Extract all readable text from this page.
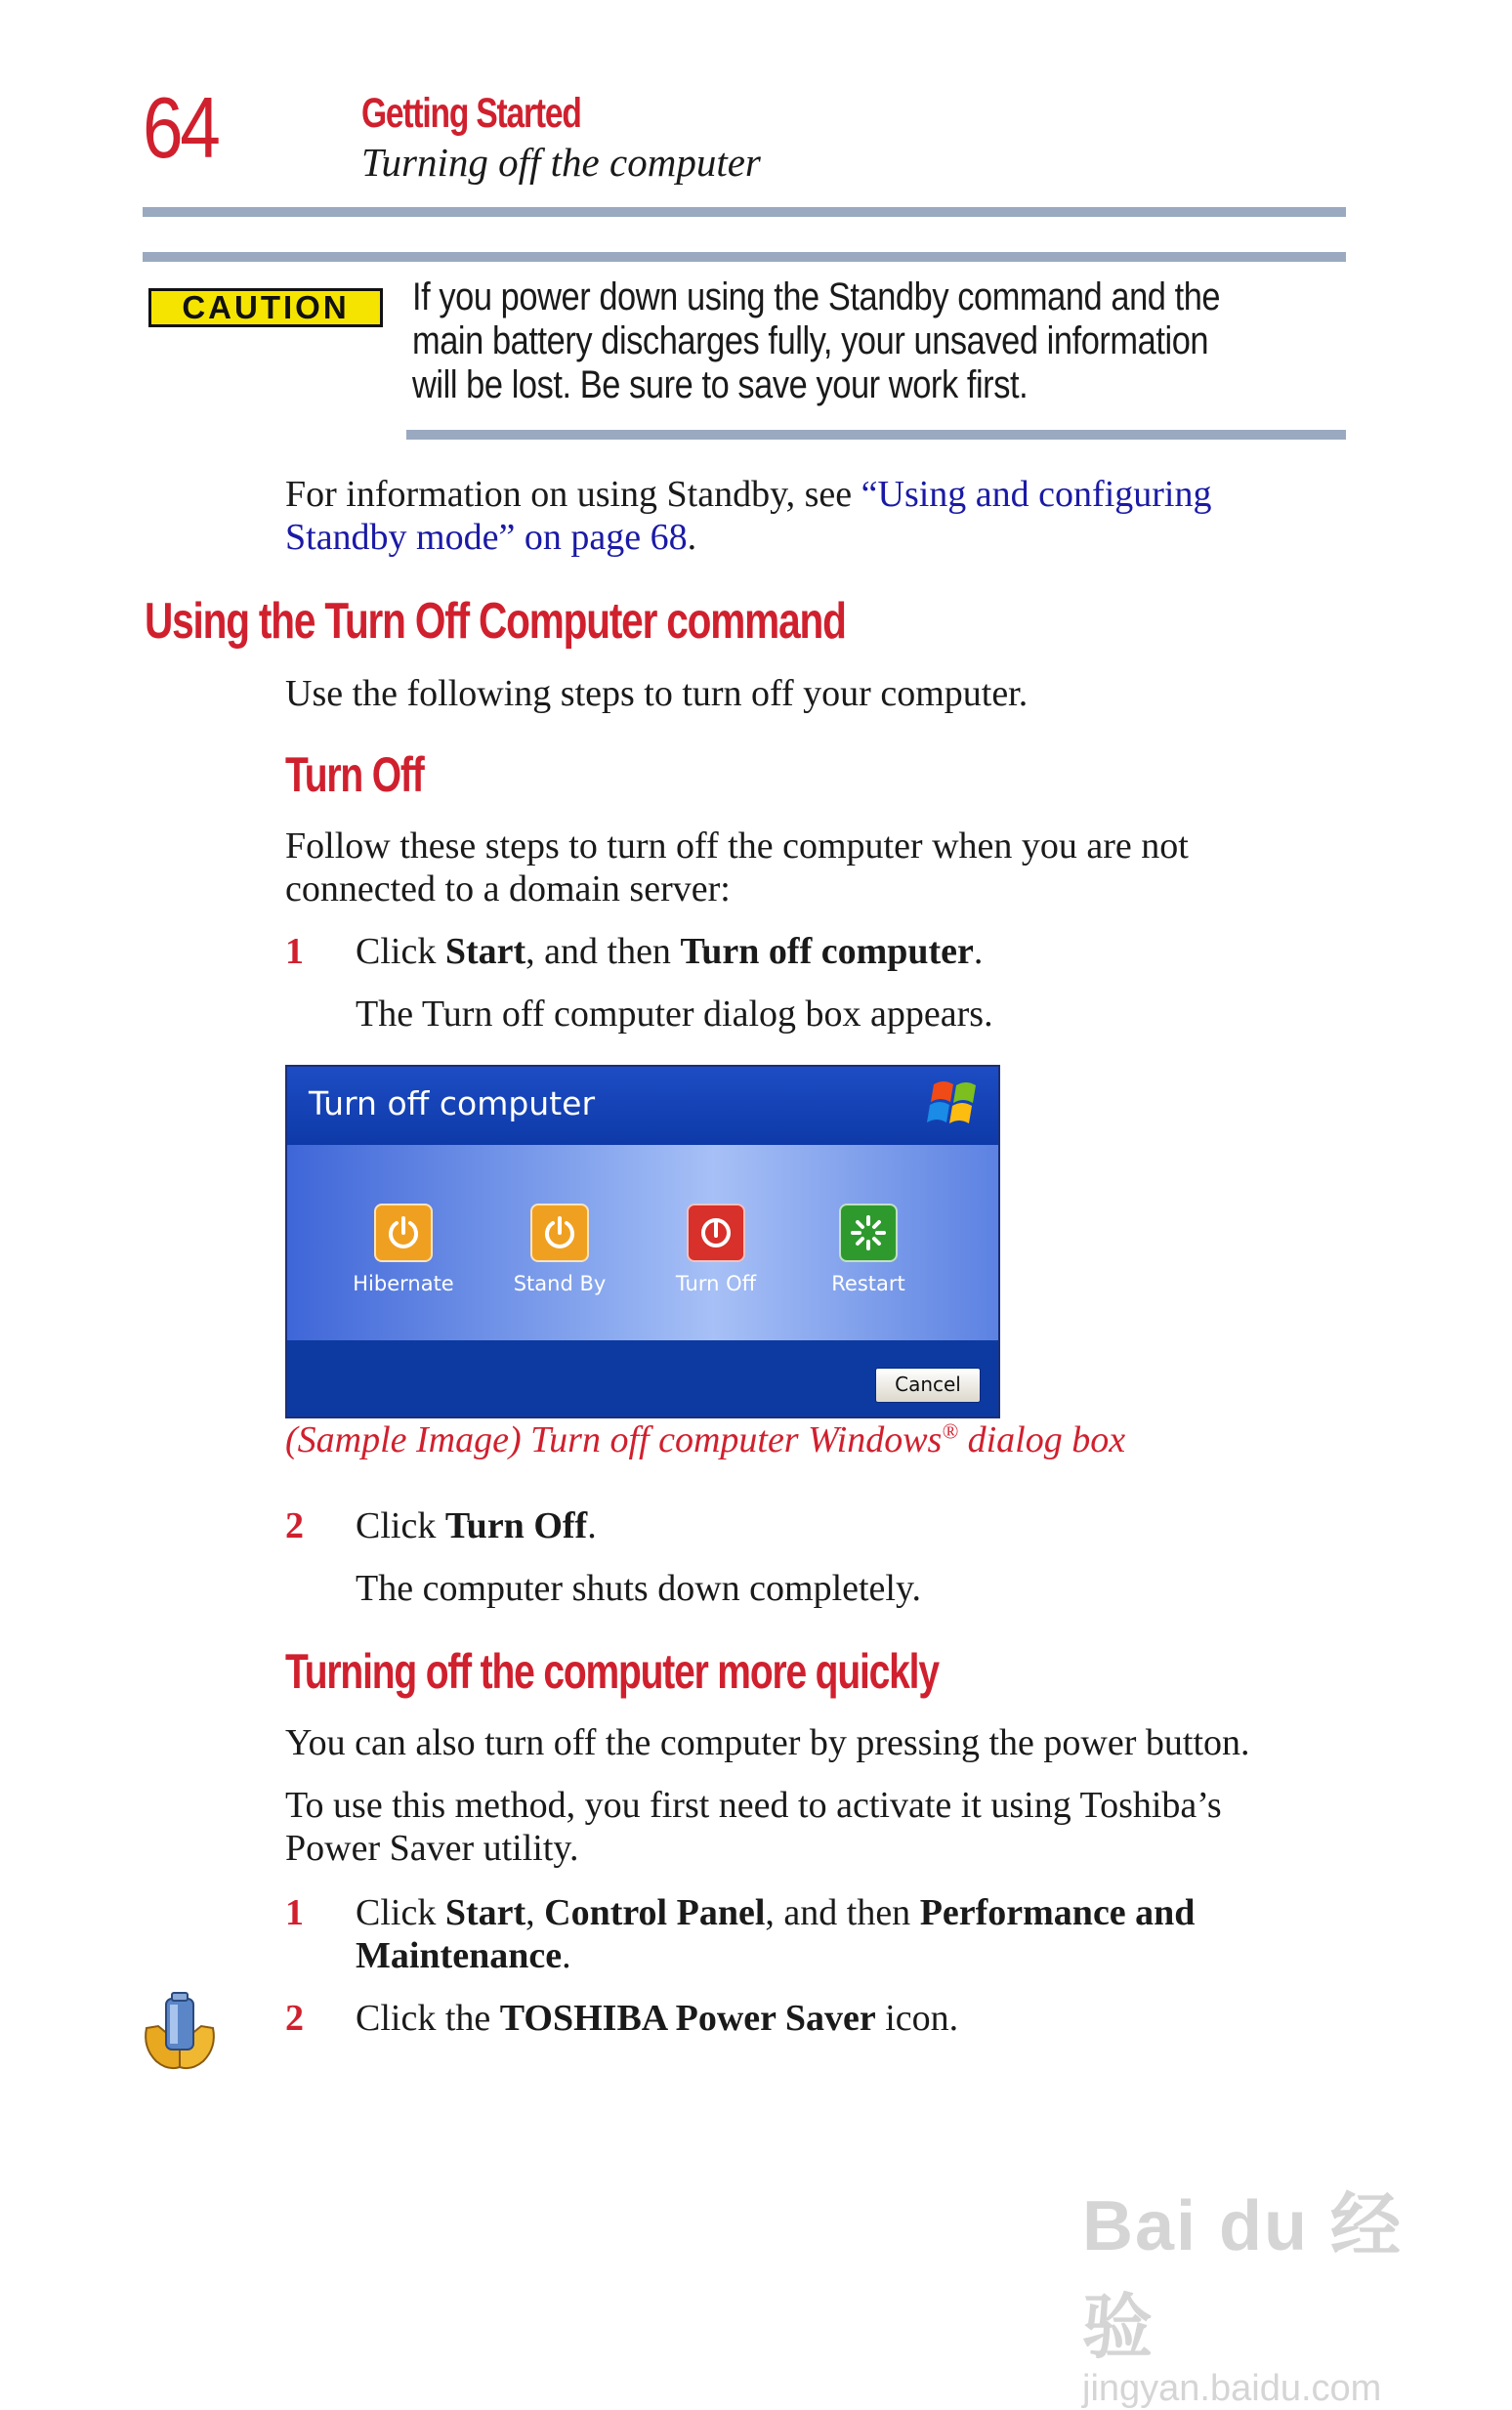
64	Getting Started
Turning off the computer
CAUTION	If you power down using the Standby command and the main battery discharges fully, your unsaved information will be lost. Be sure to save your work first.
For information on using Standby, see “Using and configuring Standby mode” on page 68.
Using the Turn Off Computer command
Use the following steps to turn off your computer.
Turn Off
Follow these steps to turn off the computer when you are not connected to a domain server:
1 Click Start, and then Turn off computer.
The Turn off computer dialog box appears.
Turn off computer
Hibernate	Stand By	Turn Off	Restart
Cancel
(Sample Image) Turn off computer Windows® dialog box
2 Click Turn Off.
The computer shuts down completely.
Turning off the computer more quickly
You can also turn off the computer by pressing the power button.
To use this method, you first need to activate it using Toshiba’s Power Saver utility.
1 Click Start, Control Panel, and then Performance and Maintenance.
2 Click the TOSHIBA Power Saver icon.
Bai du 经验
jingyan.baidu.com
